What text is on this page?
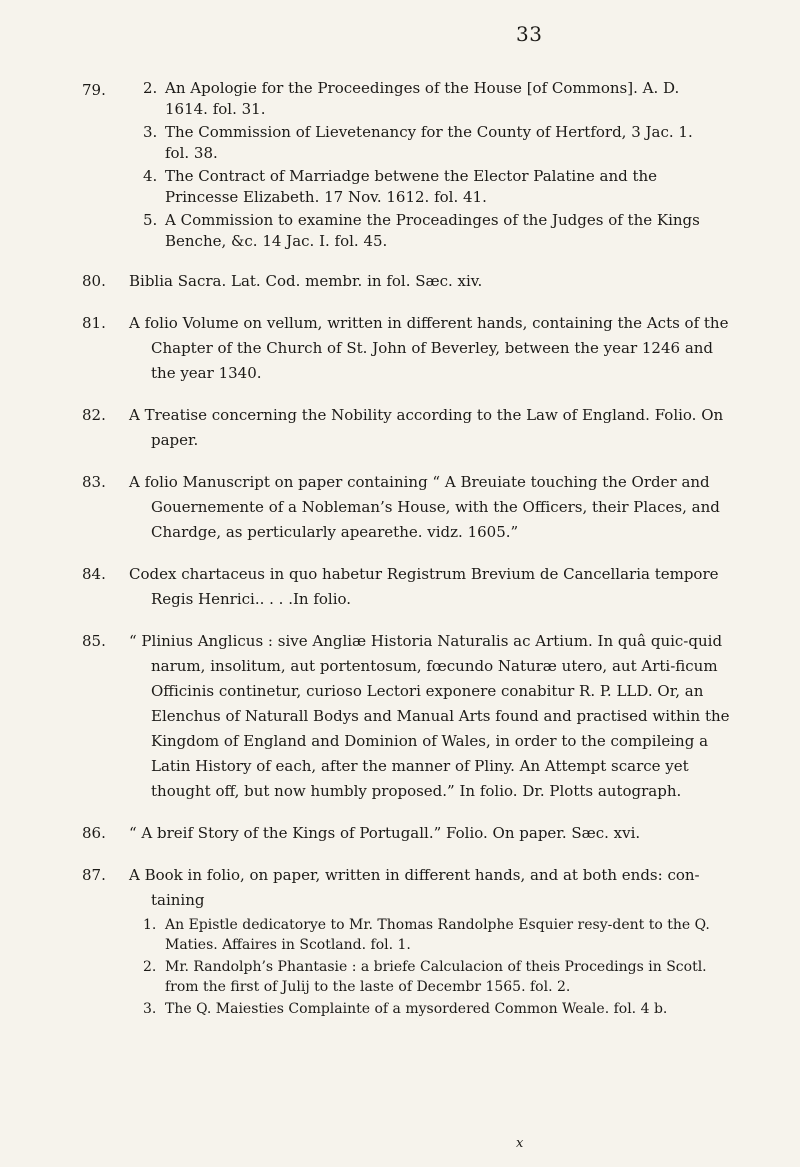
33
79. 2. An Apologie for the Proceedinges of the House [of Commons]. A. D. 1614. fol. 31.
3. The Commission of Lievetenancy for the County of Hertford, 3 Jac. 1. fol. 38.
4. The Contract of Marriadge betwene the Elector Palatine and the Princesse Elizabeth. 17 Nov. 1612. fol. 41.
5. A Commission to examine the Proceadinges of the Judges of the Kings Benche, &c. 14 Jac. I. fol. 45.
80. Biblia Sacra. Lat. Cod. membr. in fol. Sæc. xiv.
81. A folio Volume on vellum, written in different hands, containing the Acts of the Chapter of the Church of St. John of Beverley, between the year 1246 and the year 1340.
82. A Treatise concerning the Nobility according to the Law of England. Folio. On paper.
83. A folio Manuscript on paper containing “ A Breuiate touching the Order and Gouernemente of a Nobleman’s House, with the Officers, their Places, and Chardge, as perticularly apearethe. vidz. 1605.”
84. Codex chartaceus in quo habetur Registrum Brevium de Cancellaria tempore Regis Henrici.. . . .In folio.
85. “ Plinius Anglicus : sive Angliæ Historia Naturalis ac Artium. In quâ quic-quid narum, insolitum, aut portentosum, fœcundo Naturæ utero, aut Arti-ficum Officinis continetur, curioso Lectori exponere conabitur R. P. LLD. Or, an Elenchus of Naturall Bodys and Manual Arts found and practised within the Kingdom of England and Dominion of Wales, in order to the compileing a Latin History of each, after the manner of Pliny. An Attempt scarce yet thought off, but now humbly proposed.” In folio. Dr. Plotts autograph.
86. “ A breif Story of the Kings of Portugall.” Folio. On paper. Sæc. xvi.
87. A Book in folio, on paper, written in different hands, and at both ends: con-taining
1. An Epistle dedicatorye to Mr. Thomas Randolphe Esquier resy-dent to the Q. Maties. Affaires in Scotland. fol. 1.
2. Mr. Randolph’s Phantasie : a briefe Calculacion of theis Procedings in Scotl. from the first of Julij to the laste of Decembr 1565. fol. 2.
3. The Q. Maiesties Complainte of a mysordered Common Weale. fol. 4 b.
x
